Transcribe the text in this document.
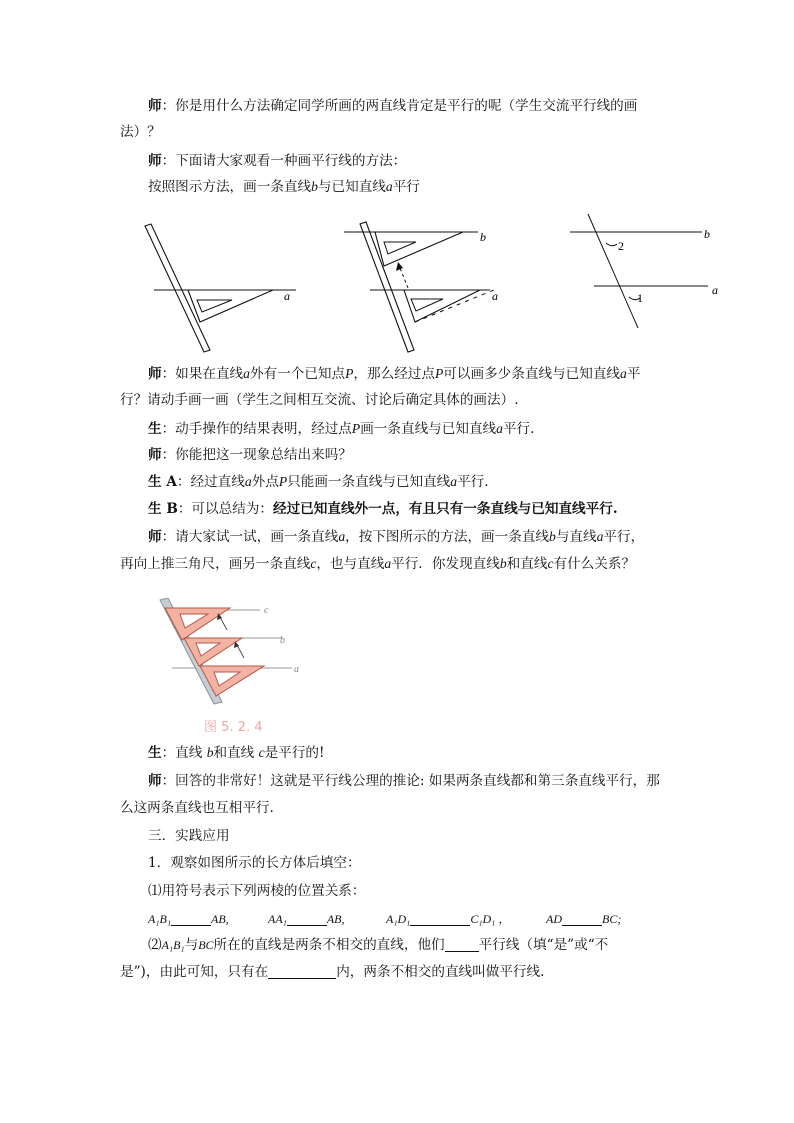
师：你是用什么方法确定同学所画的两直线肯定是平行的呢（学生交流平行线的画
法）？
师：下面请大家观看一种画平行线的方法：
按照图示方法，画一条直线b与已知直线a平行
a
b
a
2
1
b
a
师：如果在直线a外有一个已知点P，那么经过点P可以画多少条直线与已知直线a平
行？请动手画一画（学生之间相互交流、讨论后确定具体的画法）.
生：动手操作的结果表明，经过点P画一条直线与已知直线a平行.
师：你能把这一现象总结出来吗？
生 A：经过直线a外点P只能画一条直线与已知直线a平行.
生 B：可以总结为：经过已知直线外一点，有且只有一条直线与已知直线平行.
师：请大家试一试，画一条直线a，按下图所示的方法，画一条直线b与直线a平行，
再向上推三角尺，画另一条直线c，也与直线a平行．你发现直线b和直线c有什么关系？
c
b
a
图 5. 2. 4
生：直线 b和直线 c是平行的!
师：回答的非常好！这就是平行线公理的推论: 如果两条直线都和第三条直线平行，那
么这两条直线也互相平行.
三．实践应用
1．观察如图所示的长方体后填空：
⑴用符号表示下列两棱的位置关系：
A₁B₁	AB,	AA₁	AB,	A₁D₁	C₁D₁ ，	AD	BC;
⑵A₁B₁与BC所在的直线是两条不相交的直线，他们	平行线（填“是”或“不
是”)，由此可知，只有在	内，两条不相交的直线叫做平行线.
